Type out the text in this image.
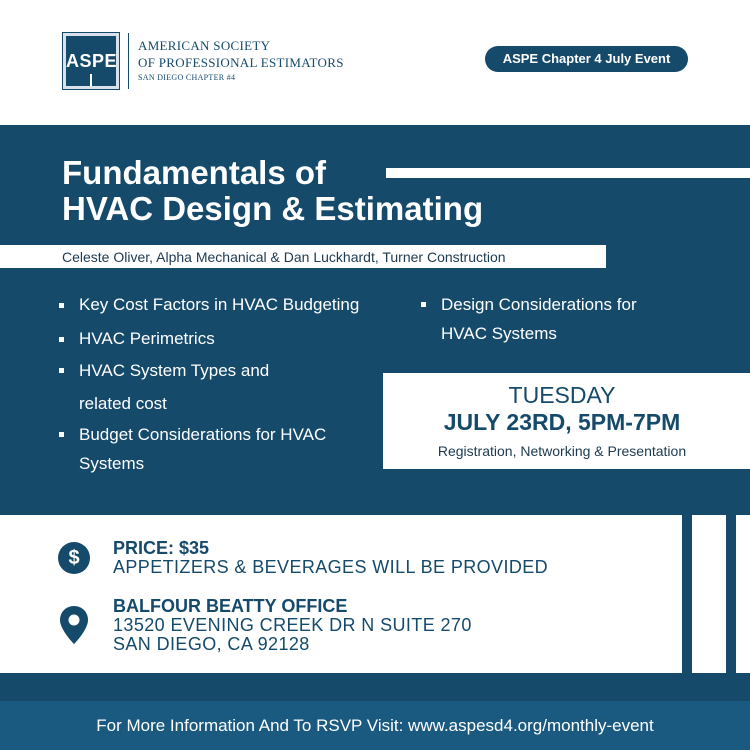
ASPE
AMERICAN SOCIETY
OF PROFESSIONAL ESTIMATORS
SAN DIEGO CHAPTER #4
ASPE Chapter 4 July Event
Fundamentals of
HVAC Design & Estimating
Celeste Oliver, Alpha Mechanical & Dan Luckhardt, Turner Construction
Key Cost Factors in HVAC Budgeting
HVAC Perimetrics
HVAC System Types and
related cost
Budget Considerations for HVAC
Systems
Design Considerations for
HVAC Systems
TUESDAY
JULY 23RD, 5PM-7PM
Registration, Networking & Presentation
$	PRICE: $35
APPETIZERS & BEVERAGES WILL BE PROVIDED
BALFOUR BEATTY OFFICE
13520 EVENING CREEK DR N SUITE 270
SAN DIEGO, CA 92128
For More Information And To RSVP Visit: www.aspesd4.org/monthly-event
